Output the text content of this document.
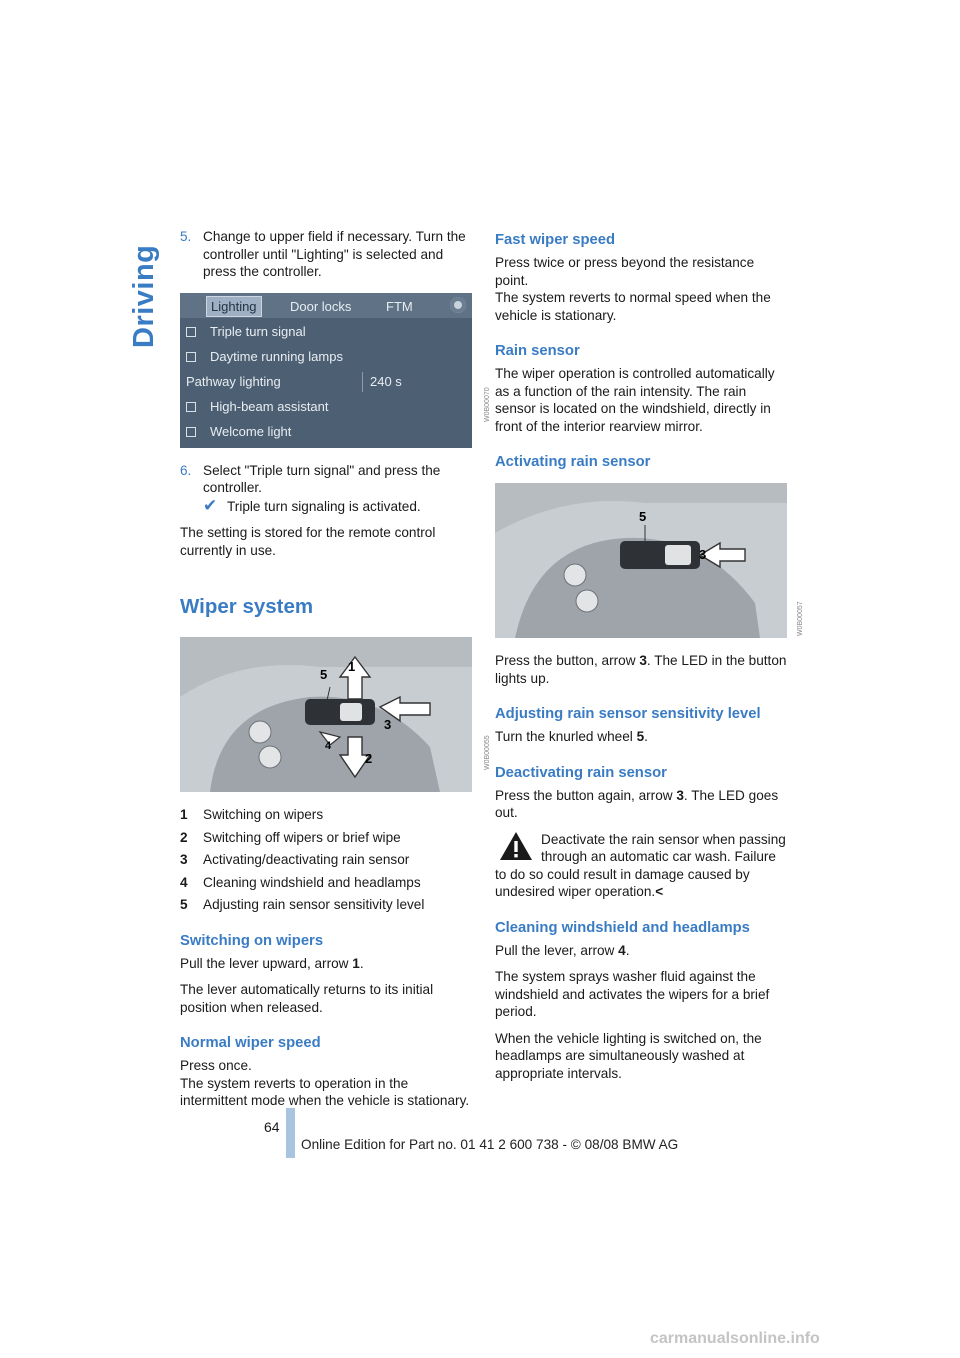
Driving
5. Change to upper field if necessary. Turn the controller until "Lighting" is selected and press the controller.
Lighting	Door locks	FTM
Triple turn signal
Daytime running lamps
Pathway lighting	240 s
High-beam assistant
Welcome light
6. Select "Triple turn signal" and press the controller.
✔ Triple turn signaling is activated.

The setting is stored for the remote control currently in use.

Wiper system
5
1
3
4
2
1 Switching on wipers
2 Switching off wipers or brief wipe
3 Activating/deactivating rain sensor
4 Cleaning windshield and headlamps
5 Adjusting rain sensor sensitivity level
Switching on wipers

Pull the lever upward, arrow 1.

The lever automatically returns to its initial position when released.

Normal wiper speed

Press once.

The system reverts to operation in the intermittent mode when the vehicle is stationary.

Fast wiper speed

Press twice or press beyond the resistance point.

The system reverts to normal speed when the vehicle is stationary.

Rain sensor

The wiper operation is controlled automatically as a function of the rain intensity. The rain sensor is located on the windshield, directly in front of the interior rearview mirror.

Activating rain sensor
5
3

Press the button, arrow 3. The LED in the button lights up.

Adjusting rain sensor sensitivity level

Turn the knurled wheel 5.

Deactivating rain sensor

Press the button again, arrow 3. The LED goes out.

Deactivate the rain sensor when passing through an automatic car wash. Failure to do so could result in damage caused by undesired wiper operation.<

Cleaning windshield and headlamps

Pull the lever, arrow 4.

The system sprays washer fluid against the windshield and activates the wipers for a brief period.

When the vehicle lighting is switched on, the headlamps are simultaneously washed at appropriate intervals.

W0B00070
W0B00055
W0B00057
64
Online Edition for Part no. 01 41 2 600 738 - © 08/08 BMW AG
carmanualsonline.info
